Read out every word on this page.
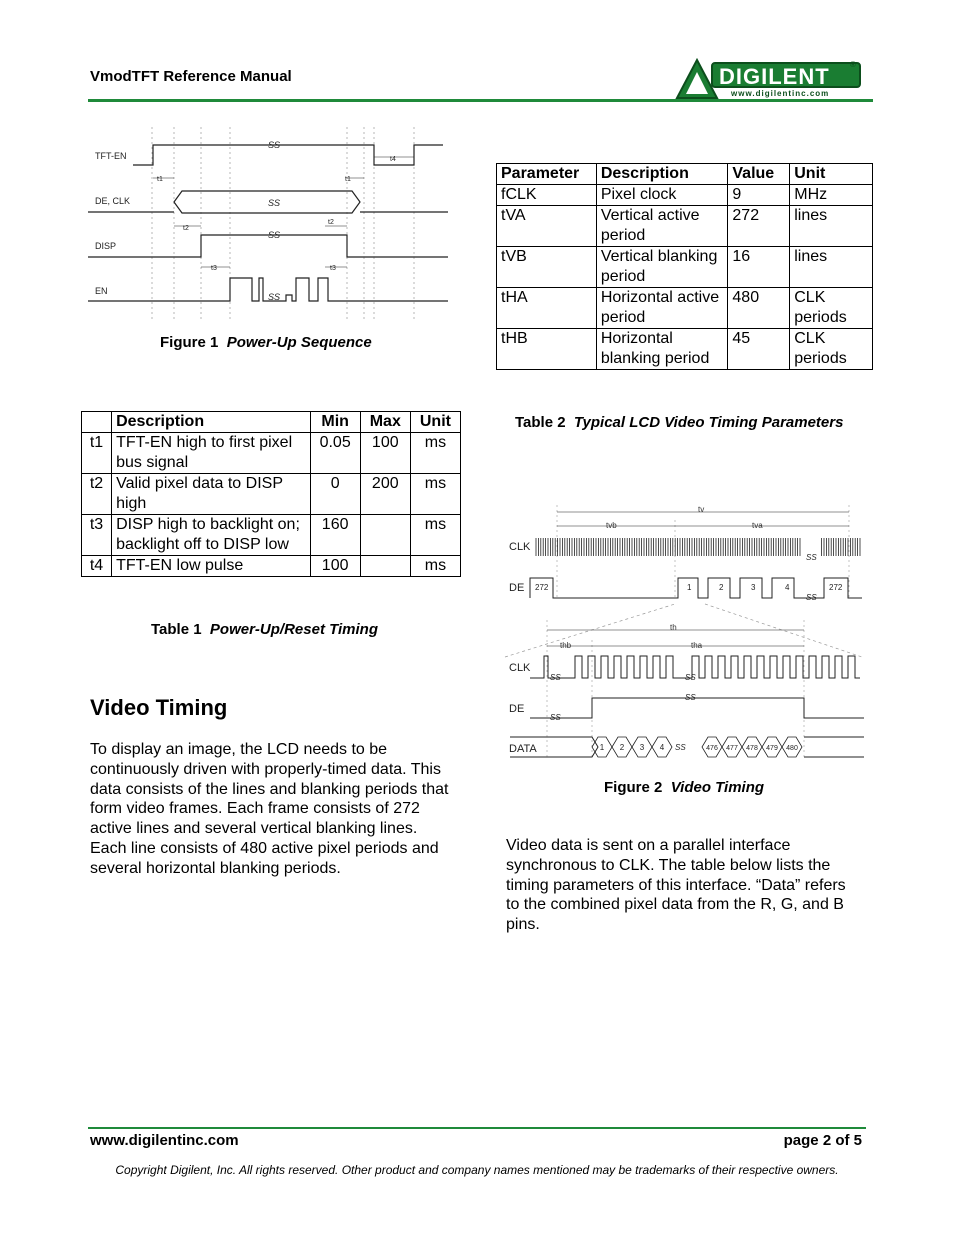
VmodTFT Reference Manual	DIGILENT	®
www.digilentinc.com
TFT-EN
DE, CLK
DISP
EN
t1	t1
t2
t2
t3	t3
t4
SS
SS
SS
SS
Figure 1 Power-Up Sequence
	Description	Min	Max	Unit
t1	TFT-EN high to first pixel bus signal	0.05	100	ms
t2	Valid pixel data to DISP high	0	200	ms
t3	DISP high to backlight on;
backlight off to DISP low	160		ms
t4	TFT-EN low pulse	100		ms
Table 1 Power-Up/Reset Timing
Parameter	Description	Value	Unit
fCLK	Pixel clock	9	MHz
tVA	Vertical active period	272	lines
tVB	Vertical blanking period	16	lines
tHA	Horizontal active period	480	CLK periods
tHB	Horizontal blanking period	45	CLK periods
Table 2 Typical LCD Video Timing Parameters
tv
tvb	tva
th
thb	tha
CLK
DE
CLK
DE
DATA
272	1	2	3	4	272
1 2 3 4	476 477 478 479 480
SS
SS
SS	SS
SS
SS
SS
Figure 2 Video Timing
Video Timing
To display an image, the LCD needs to be continuously driven with properly-timed data. This data consists of the lines and blanking periods that form video frames. Each frame consists of 272 active lines and several vertical blanking lines. Each line consists of 480 active pixel periods and several horizontal blanking periods.
Video data is sent on a parallel interface synchronous to CLK. The table below lists the timing parameters of this interface. “Data” refers to the combined pixel data from the R, G, and B pins.
www.digilentinc.com	page 2 of 5
Copyright Digilent, Inc. All rights reserved. Other product and company names mentioned may be trademarks of their respective owners.
